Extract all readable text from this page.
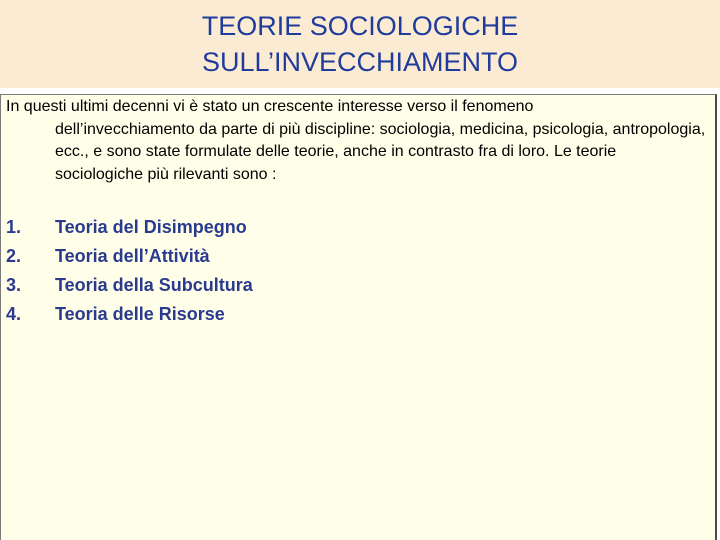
TEORIE SOCIOLOGICHE
SULL’INVECCHIAMENTO

In questi ultimi decenni vi è stato un crescente interesse verso il fenomeno
dell’invecchiamento da parte di più discipline: sociologia, medicina, psicologia, antropologia, ecc., e sono state formulate delle teorie, anche in contrasto fra di loro. Le teorie sociologiche più rilevanti sono :

1.	Teoria del Disimpegno
2.	Teoria dell’Attività
3.	Teoria della Subcultura
4.	Teoria delle Risorse
